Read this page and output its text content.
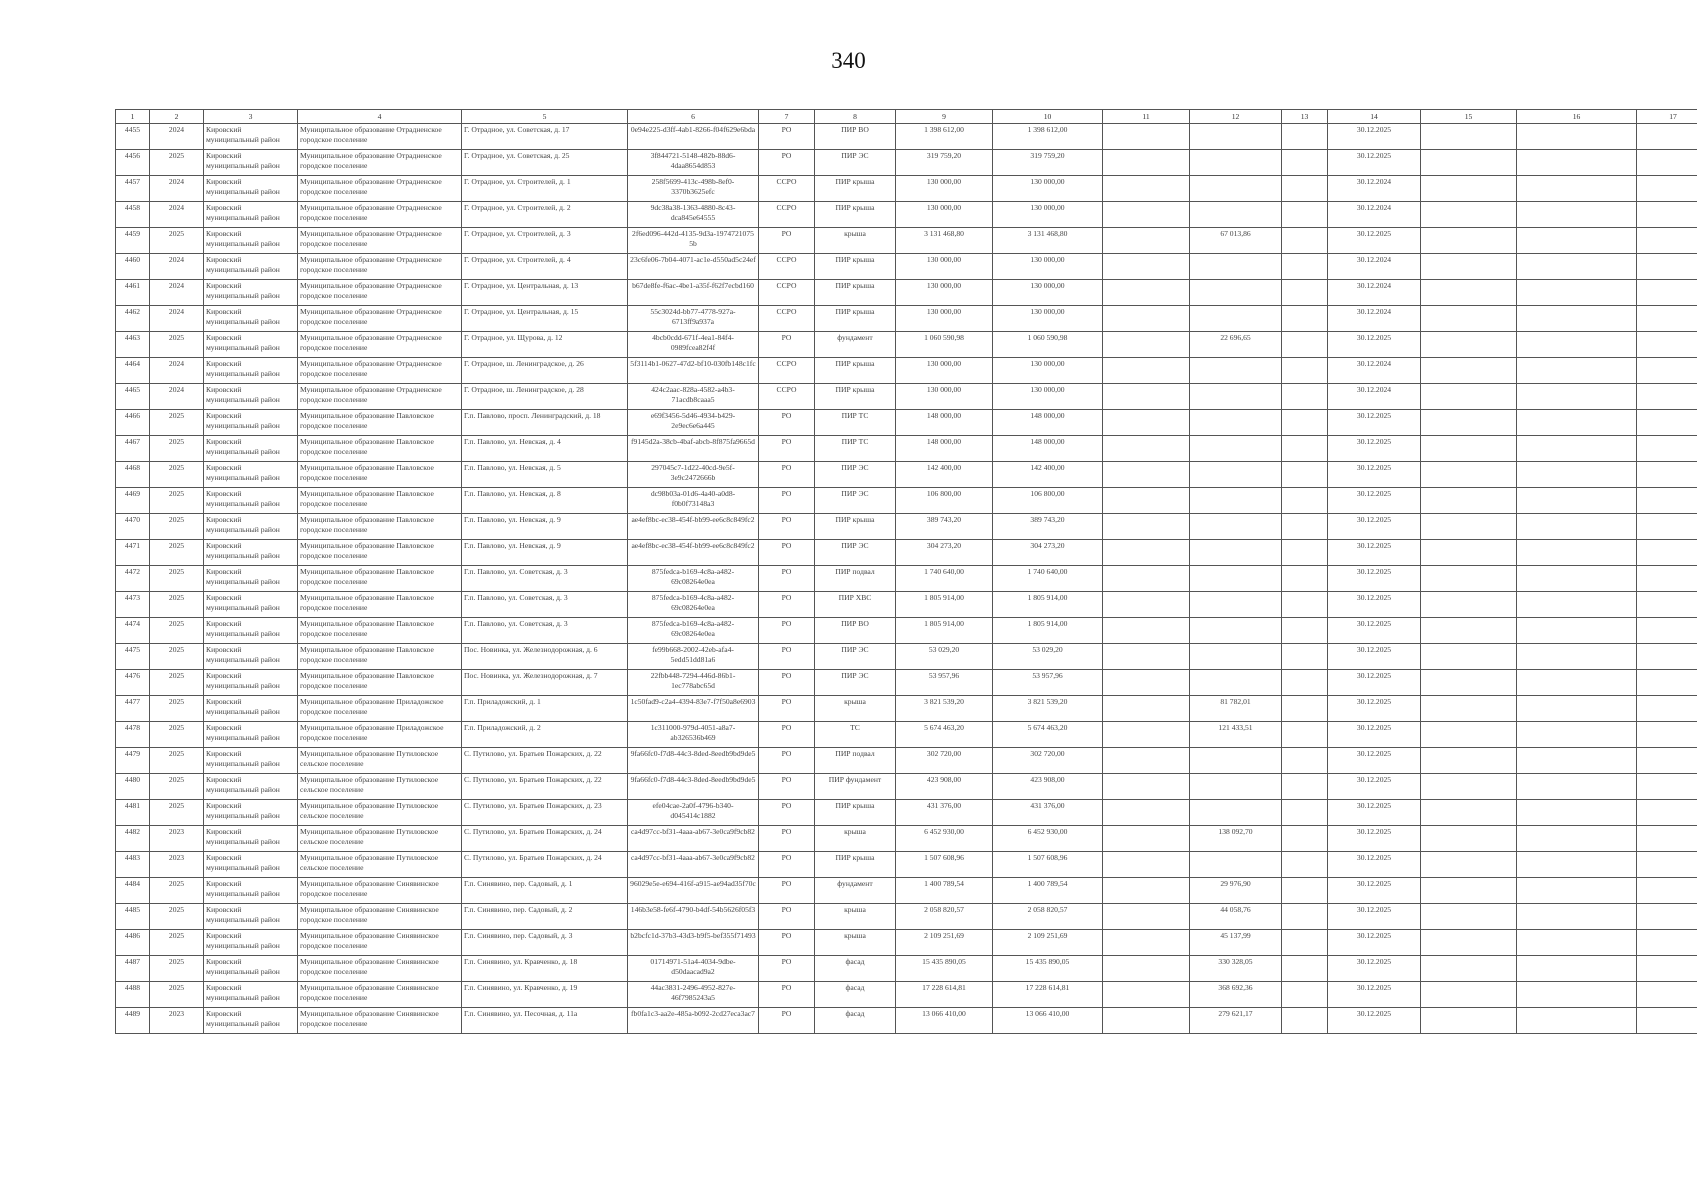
340
1	2	3	4	5	6	7	8	9	10	11	12	13	14	15	16	17
4455	2024	Кировский муниципальный район	Муниципальное образование Отрадненское городское поселение	Г. Отрадное, ул. Советская, д. 17	0e94e225-d3ff-4ab1-8266-f04f629e6bda	РО	ПИР ВО	1 398 612,00	1 398 612,00				30.12.2025			
4456	2025	Кировский муниципальный район	Муниципальное образование Отрадненское городское поселение	Г. Отрадное, ул. Советская, д. 25	3f844721-5148-482b-88d6-4daa8654d853	РО	ПИР ЭС	319 759,20	319 759,20				30.12.2025			
4457	2024	Кировский муниципальный район	Муниципальное образование Отрадненское городское поселение	Г. Отрадное, ул. Строителей, д. 1	258f5699-413c-498b-8ef0-3370b3625efc	ССРО	ПИР крыша	130 000,00	130 000,00				30.12.2024			
4458	2024	Кировский муниципальный район	Муниципальное образование Отрадненское городское поселение	Г. Отрадное, ул. Строителей, д. 2	9dc38a38-1363-4880-8c43-dca845e64555	ССРО	ПИР крыша	130 000,00	130 000,00				30.12.2024			
4459	2025	Кировский муниципальный район	Муниципальное образование Отрадненское городское поселение	Г. Отрадное, ул. Строителей, д. 3	2f6ed096-442d-4135-9d3a-1974721075 5b	РО	крыша	3 131 468,80	3 131 468,80		67 013,86		30.12.2025			
4460	2024	Кировский муниципальный район	Муниципальное образование Отрадненское городское поселение	Г. Отрадное, ул. Строителей, д. 4	23c6fe06-7b04-4071-ac1e-d550ad5c24ef	ССРО	ПИР крыша	130 000,00	130 000,00				30.12.2024			
4461	2024	Кировский муниципальный район	Муниципальное образование Отрадненское городское поселение	Г. Отрадное, ул. Центральная, д. 13	b67de8fe-f6ac-4be1-a35f-f62f7ecbd160	ССРО	ПИР крыша	130 000,00	130 000,00				30.12.2024			
4462	2024	Кировский муниципальный район	Муниципальное образование Отрадненское городское поселение	Г. Отрадное, ул. Центральная, д. 15	55c3024d-bb77-4778-927a-6713ff9a937a	ССРО	ПИР крыша	130 000,00	130 000,00				30.12.2024			
4463	2025	Кировский муниципальный район	Муниципальное образование Отрадненское городское поселение	Г. Отрадное, ул. Щурова, д. 12	4bcb0cdd-671f-4ea1-84f4-0989fcea82f4f	РО	фундамент	1 060 590,98	1 060 590,98		22 696,65		30.12.2025			
4464	2024	Кировский муниципальный район	Муниципальное образование Отрадненское городское поселение	Г. Отрадное, ш. Ленинградское, д. 26	5f3114b1-0627-47d2-bf10-030fb148c1fc	ССРО	ПИР крыша	130 000,00	130 000,00				30.12.2024			
4465	2024	Кировский муниципальный район	Муниципальное образование Отрадненское городское поселение	Г. Отрадное, ш. Ленинградское, д. 28	424c2aac-828a-4582-a4b3-71acdb8caaa5	ССРО	ПИР крыша	130 000,00	130 000,00				30.12.2024			
4466	2025	Кировский муниципальный район	Муниципальное образование Павловское городское поселение	Г.п. Павлово, просп. Ленинградский, д. 18	e69f3456-5d46-4934-b429-2e9ec6e6a445	РО	ПИР ТС	148 000,00	148 000,00				30.12.2025			
4467	2025	Кировский муниципальный район	Муниципальное образование Павловское городское поселение	Г.п. Павлово, ул. Невская, д. 4	f9145d2a-38cb-4baf-abcb-8f875fa9665d	РО	ПИР ТС	148 000,00	148 000,00				30.12.2025			
4468	2025	Кировский муниципальный район	Муниципальное образование Павловское городское поселение	Г.п. Павлово, ул. Невская, д. 5	297045c7-1d22-40cd-9e5f-3e9c2472666b	РО	ПИР ЭС	142 400,00	142 400,00				30.12.2025			
4469	2025	Кировский муниципальный район	Муниципальное образование Павловское городское поселение	Г.п. Павлово, ул. Невская, д. 8	dc98b03a-01d6-4a40-a0d8-f0b0f73148a3	РО	ПИР ЭС	106 800,00	106 800,00				30.12.2025			
4470	2025	Кировский муниципальный район	Муниципальное образование Павловское городское поселение	Г.п. Павлово, ул. Невская, д. 9	ae4ef8bc-ec38-454f-bb99-ee6c8c849fc2	РО	ПИР крыша	389 743,20	389 743,20				30.12.2025			
4471	2025	Кировский муниципальный район	Муниципальное образование Павловское городское поселение	Г.п. Павлово, ул. Невская, д. 9	ae4ef8bc-ec38-454f-bb99-ee6c8c849fc2	РО	ПИР ЭС	304 273,20	304 273,20				30.12.2025			
4472	2025	Кировский муниципальный район	Муниципальное образование Павловское городское поселение	Г.п. Павлово, ул. Советская, д. 3	875fedca-b169-4c8a-a482-69c08264e0ea	РО	ПИР подвал	1 740 640,00	1 740 640,00				30.12.2025			
4473	2025	Кировский муниципальный район	Муниципальное образование Павловское городское поселение	Г.п. Павлово, ул. Советская, д. 3	875fedca-b169-4c8a-a482-69c08264e0ea	РО	ПИР ХВС	1 805 914,00	1 805 914,00				30.12.2025			
4474	2025	Кировский муниципальный район	Муниципальное образование Павловское городское поселение	Г.п. Павлово, ул. Советская, д. 3	875fedca-b169-4c8a-a482-69c08264e0ea	РО	ПИР ВО	1 805 914,00	1 805 914,00				30.12.2025			
4475	2025	Кировский муниципальный район	Муниципальное образование Павловское городское поселение	Пос. Новинка, ул. Железнодорожная, д. 6	fe99b668-2002-42eb-afa4-5edd51dd81a6	РО	ПИР ЭС	53 029,20	53 029,20				30.12.2025			
4476	2025	Кировский муниципальный район	Муниципальное образование Павловское городское поселение	Пос. Новинка, ул. Железнодорожная, д. 7	22fbb448-7294-446d-86b1-1ec778abc65d	РО	ПИР ЭС	53 957,96	53 957,96				30.12.2025			
4477	2025	Кировский муниципальный район	Муниципальное образование Приладожское городское поселение	Г.п. Приладожский, д. 1	1c50fad9-c2a4-4394-83e7-f7f50a8e6903	РО	крыша	3 821 539,20	3 821 539,20		81 782,01		30.12.2025			
4478	2025	Кировский муниципальный район	Муниципальное образование Приладожское городское поселение	Г.п. Приладожский, д. 2	1c311000-979d-4051-a8a7-ab326536b469	РО	ТС	5 674 463,20	5 674 463,20		121 433,51		30.12.2025			
4479	2025	Кировский муниципальный район	Муниципальное образование Путиловское сельское поселение	С. Путилово, ул. Братьев Пожарских, д. 22	9fa66fc0-f7d8-44c3-8ded-8eedb9bd9de5	РО	ПИР подвал	302 720,00	302 720,00				30.12.2025			
4480	2025	Кировский муниципальный район	Муниципальное образование Путиловское сельское поселение	С. Путилово, ул. Братьев Пожарских, д. 22	9fa66fc0-f7d8-44c3-8ded-8eedb9bd9de5	РО	ПИР фундамент	423 908,00	423 908,00				30.12.2025			
4481	2025	Кировский муниципальный район	Муниципальное образование Путиловское сельское поселение	С. Путилово, ул. Братьев Пожарских, д. 23	efe04cae-2a0f-4796-b340-d045414c1882	РО	ПИР крыша	431 376,00	431 376,00				30.12.2025			
4482	2023	Кировский муниципальный район	Муниципальное образование Путиловское сельское поселение	С. Путилово, ул. Братьев Пожарских, д. 24	ca4d97cc-bf31-4aaa-ab67-3e0ca9f9cb82	РО	крыша	6 452 930,00	6 452 930,00		138 092,70		30.12.2025			
4483	2023	Кировский муниципальный район	Муниципальное образование Путиловское сельское поселение	С. Путилово, ул. Братьев Пожарских, д. 24	ca4d97cc-bf31-4aaa-ab67-3e0ca9f9cb82	РО	ПИР крыша	1 507 608,96	1 507 608,96				30.12.2025			
4484	2025	Кировский муниципальный район	Муниципальное образование Синявинское городское поселение	Г.п. Синявино, пер. Садовый, д. 1	96029e5e-e694-416f-a915-ae94ad35f70c	РО	фундамент	1 400 789,54	1 400 789,54		29 976,90		30.12.2025			
4485	2025	Кировский муниципальный район	Муниципальное образование Синявинское городское поселение	Г.п. Синявино, пер. Садовый, д. 2	146b3e58-fe6f-4790-b4df-54b5626f05f3	РО	крыша	2 058 820,57	2 058 820,57		44 058,76		30.12.2025			
4486	2025	Кировский муниципальный район	Муниципальное образование Синявинское городское поселение	Г.п. Синявино, пер. Садовый, д. 3	b2bcfc1d-37b3-43d3-b9f5-bef355f71493	РО	крыша	2 109 251,69	2 109 251,69		45 137,99		30.12.2025			
4487	2025	Кировский муниципальный район	Муниципальное образование Синявинское городское поселение	Г.п. Синявино, ул. Кравченко, д. 18	01714971-51a4-4034-9dbe-d50daacad9a2	РО	фасад	15 435 890,05	15 435 890,05		330 328,05		30.12.2025			
4488	2025	Кировский муниципальный район	Муниципальное образование Синявинское городское поселение	Г.п. Синявино, ул. Кравченко, д. 19	44ac3831-2496-4952-827e-46f7985243a5	РО	фасад	17 228 614,81	17 228 614,81		368 692,36		30.12.2025			
4489	2023	Кировский муниципальный район	Муниципальное образование Синявинское городское поселение	Г.п. Синявино, ул. Песочная, д. 11а	fb0fa1c3-aa2e-485a-b092-2cd27eca3ac7	РО	фасад	13 066 410,00	13 066 410,00		279 621,17		30.12.2025			
